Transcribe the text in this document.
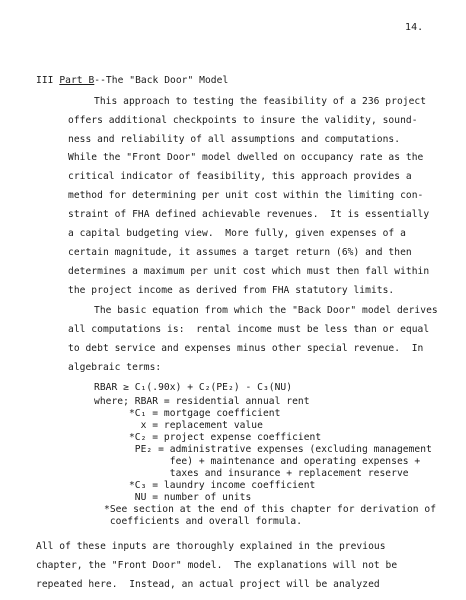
14.
III Part B--The "Back Door" Model
This approach to testing the feasibility of a 236 project
offers additional checkpoints to insure the validity, sound-
ness and reliability of all assumptions and computations.
While the "Front Door" model dwelled on occupancy rate as the
critical indicator of feasibility, this approach provides a
method for determining per unit cost within the limiting con-
straint of FHA defined achievable revenues.  It is essentially
a capital budgeting view.  More fully, given expenses of a
certain magnitude, it assumes a target return (6%) and then
determines a maximum per unit cost which must then fall within
the project income as derived from FHA statutory limits.
The basic equation from which the "Back Door" model derives
all computations is:  rental income must be less than or equal
to debt service and expenses minus other special revenue.  In
algebraic terms:
RBAR ≥ C₁(.90x) + C₂(PE₂) - C₃(NU)
where; RBAR = residential annual rent
*C₁ = mortgage coefficient
x = replacement value
*C₂ = project expense coefficient
PE₂ = administrative expenses (excluding management
fee) + maintenance and operating expenses +
taxes and insurance + replacement reserve
*C₃ = laundry income coefficient
NU = number of units
*See section at the end of this chapter for derivation of
coefficients and overall formula.
All of these inputs are thoroughly explained in the previous
chapter, the "Front Door" model.  The explanations will not be
repeated here.  Instead, an actual project will be analyzed
